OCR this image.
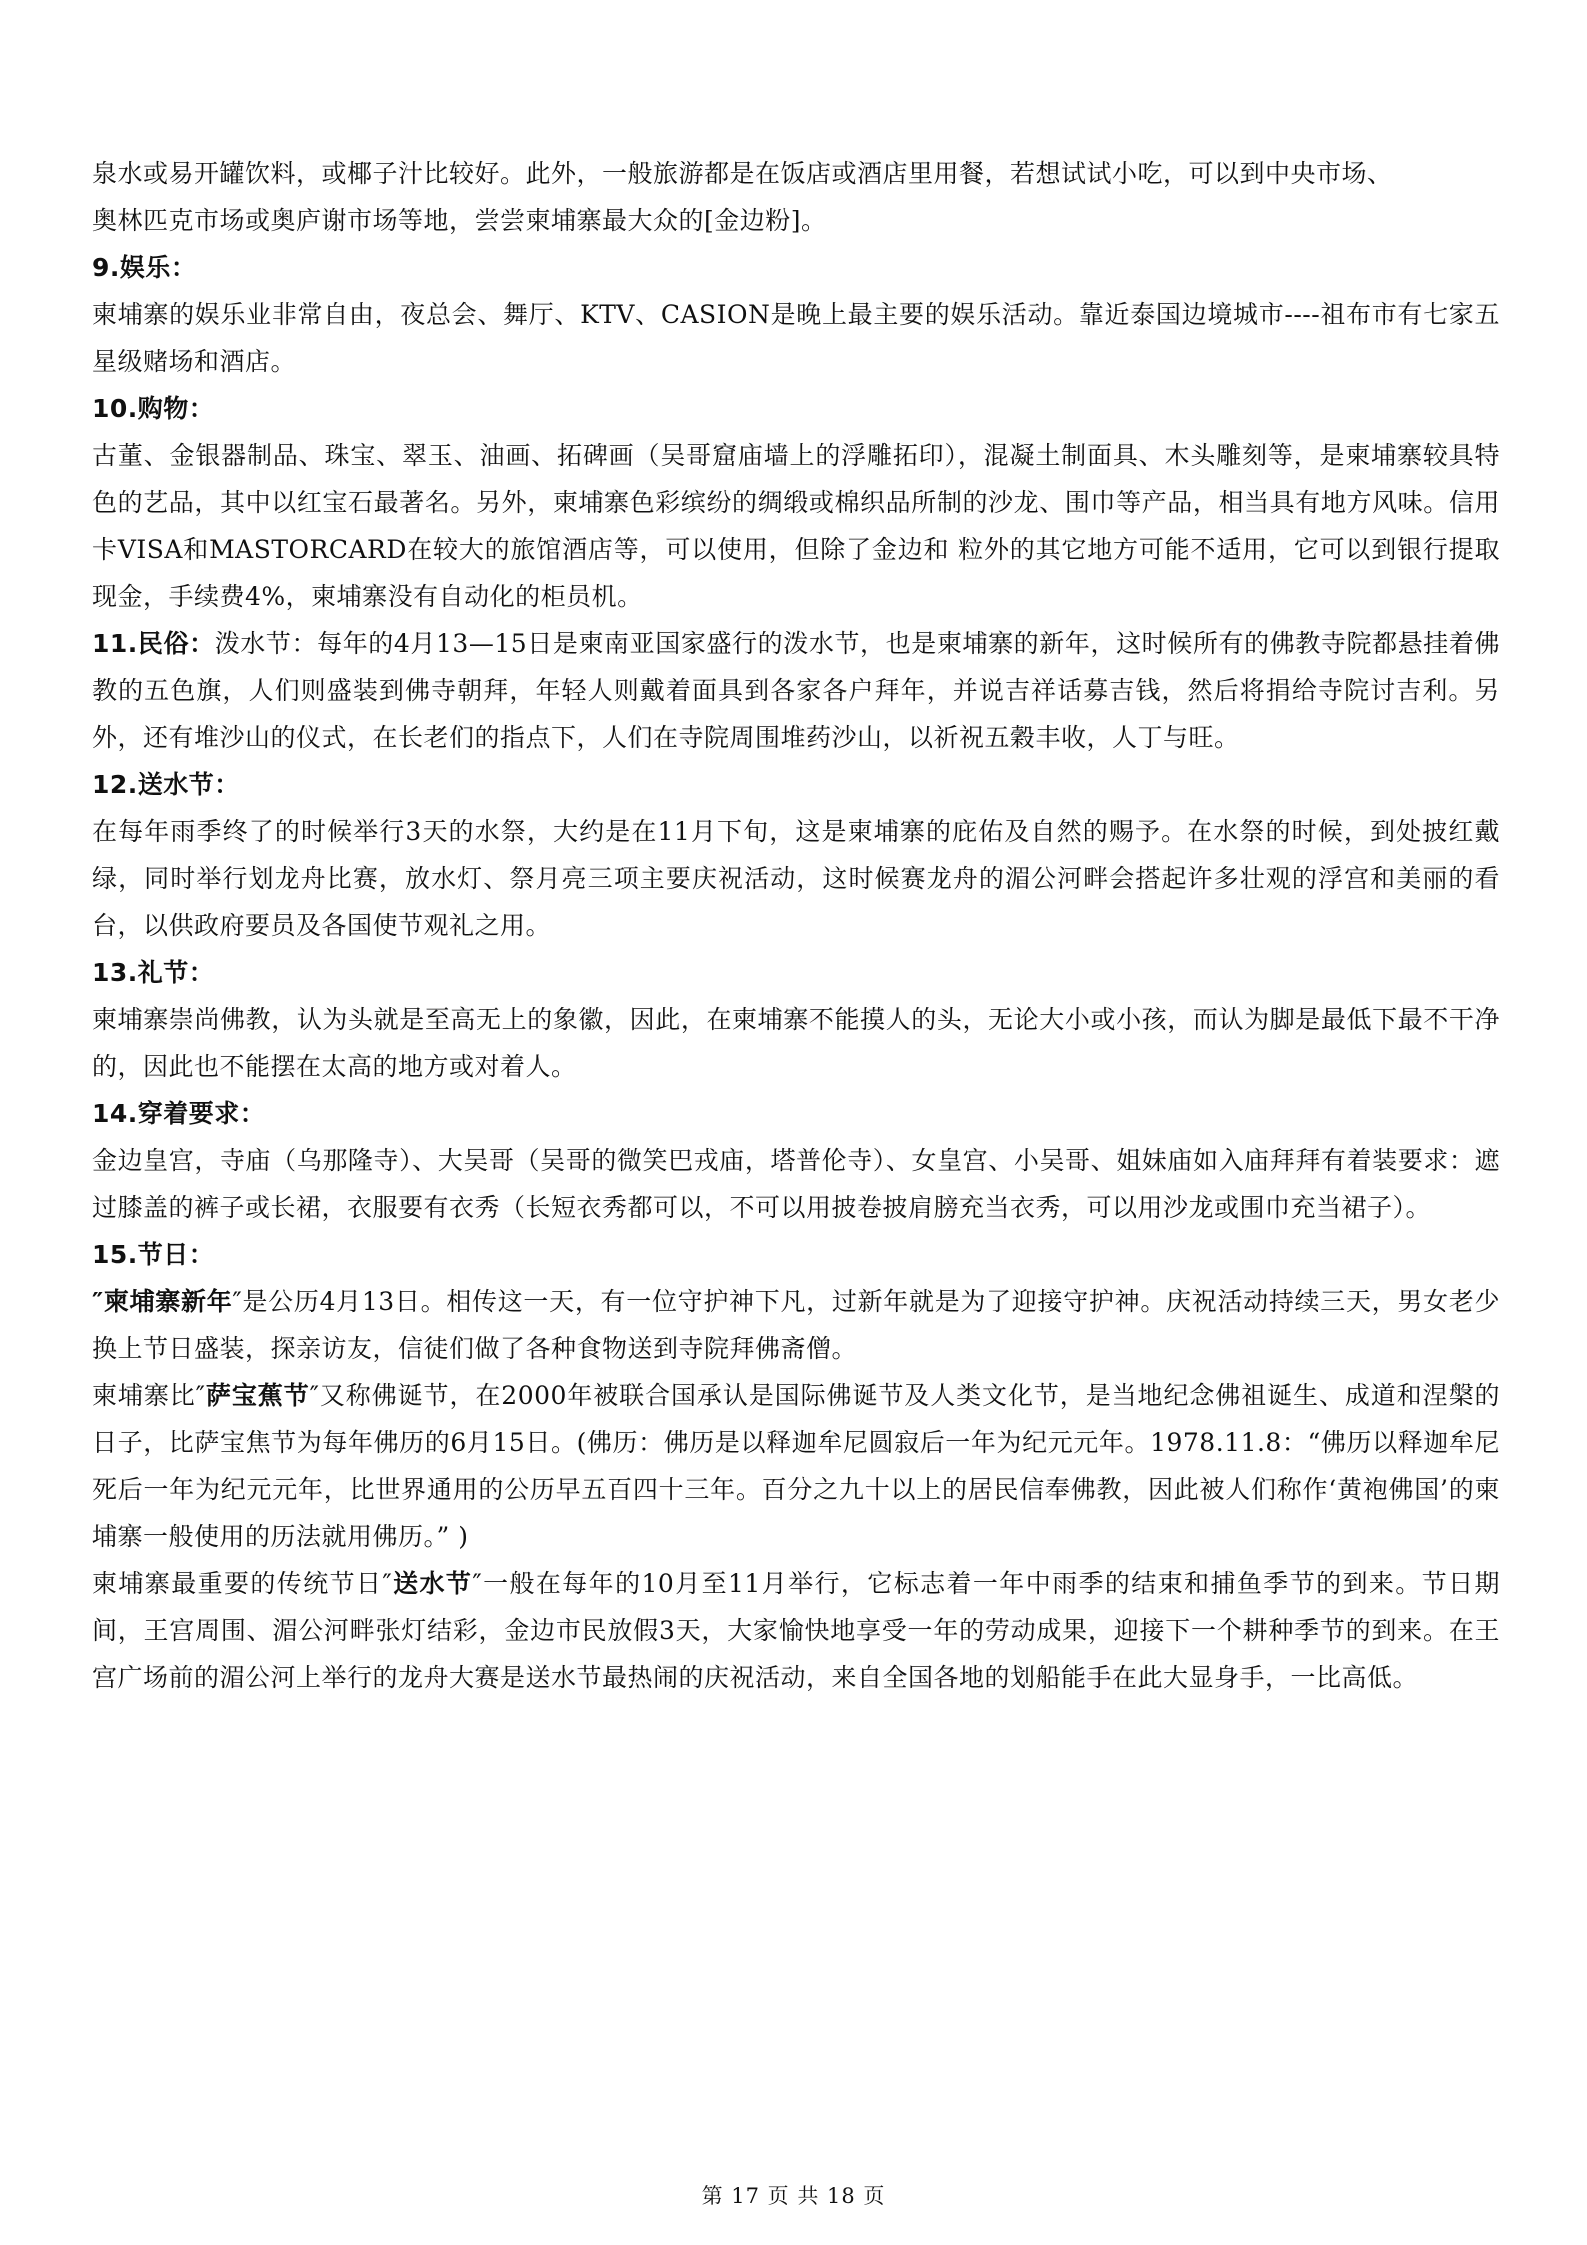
泉水或易开罐饮料，或椰子汁比较好。此外，一般旅游都是在饭店或酒店里用餐，若想试试小吃，可以到中央市场、
奥林匹克市场或奥庐谢市场等地，尝尝柬埔寨最大众的[金边粉]。

9.娱乐：

柬埔寨的娱乐业非常自由，夜总会、舞厅、KTV、CASION是晚上最主要的娱乐活动。靠近泰国边境城市----祖布市有七家五星级赌场和酒店。

10.购物：

古董、金银器制品、珠宝、翠玉、油画、拓碑画（吴哥窟庙墙上的浮雕拓印），混凝土制面具、木头雕刻等，是柬埔寨较具特色的艺品，其中以红宝石最著名。另外，柬埔寨色彩缤纷的绸缎或棉织品所制的沙龙、围巾等产品，相当具有地方风味。信用卡VISA和MASTORCARD在较大的旅馆酒店等，可以使用，但除了金边和 粒外的其它地方可能不适用，它可以到银行提取现金，手续费4%，柬埔寨没有自动化的柜员机。

11.民俗：泼水节：每年的4月13—15日是柬南亚国家盛行的泼水节，也是柬埔寨的新年，这时候所有的佛教寺院都悬挂着佛教的五色旗，人们则盛装到佛寺朝拜，年轻人则戴着面具到各家各户拜年，并说吉祥话募吉钱，然后将捐给寺院讨吉利。另外，还有堆沙山的仪式，在长老们的指点下，人们在寺院周围堆药沙山，以祈祝五穀丰收，人丁与旺。

12.送水节：

在每年雨季终了的时候举行3天的水祭，大约是在11月下旬，这是柬埔寨的庇佑及自然的赐予。在水祭的时候，到处披红戴绿，同时举行划龙舟比赛，放水灯、祭月亮三项主要庆祝活动，这时候赛龙舟的湄公河畔会搭起许多壮观的浮宫和美丽的看台，以供政府要员及各国使节观礼之用。

13.礼节：

柬埔寨崇尚佛教，认为头就是至高无上的象徽，因此，在柬埔寨不能摸人的头，无论大小或小孩，而认为脚是最低下最不干净的，因此也不能摆在太高的地方或对着人。

14.穿着要求：

金边皇宫，寺庙（乌那隆寺）、大吴哥（吴哥的微笑巴戎庙，塔普伦寺）、女皇宫、小吴哥、姐妹庙如入庙拜拜有着装要求：遮过膝盖的裤子或长裙，衣服要有衣秀（长短衣秀都可以，不可以用披卷披肩膀充当衣秀，可以用沙龙或围巾充当裙子）。

15.节日：

″柬埔寨新年″是公历4月13日。相传这一天，有一位守护神下凡，过新年就是为了迎接守护神。庆祝活动持续三天，男女老少换上节日盛装，探亲访友，信徒们做了各种食物送到寺院拜佛斋僧。

柬埔寨比″萨宝蕉节″又称佛诞节，在2000年被联合国承认是国际佛诞节及人类文化节，是当地纪念佛祖诞生、成道和涅槃的日子，比萨宝焦节为每年佛历的6月15日。(佛历：佛历是以释迦牟尼圆寂后一年为纪元元年。1978.11.8：“佛历以释迦牟尼死后一年为纪元元年，比世界通用的公历早五百四十三年。百分之九十以上的居民信奉佛教，因此被人们称作‘黄袍佛国’的柬埔寨一般使用的历法就用佛历。” )

柬埔寨最重要的传统节日″送水节″一般在每年的10月至11月举行，它标志着一年中雨季的结束和捕鱼季节的到来。节日期间，王宫周围、湄公河畔张灯结彩，金边市民放假3天，大家愉快地享受一年的劳动成果，迎接下一个耕种季节的到来。在王宫广场前的湄公河上举行的龙舟大赛是送水节最热闹的庆祝活动，来自全国各地的划船能手在此大显身手，一比高低。

第 17 页 共 18 页
